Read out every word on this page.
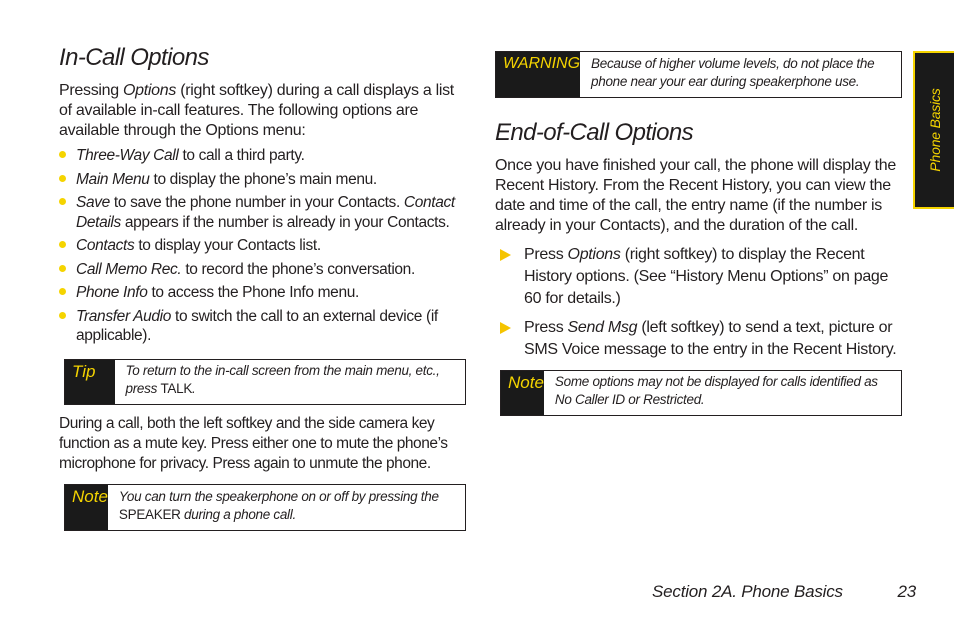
In-Call Options

Pressing Options (right softkey) during a call displays a list of available in-call features. The following options are available through the Options menu:

Three-Way Call to call a third party.
Main Menu to display the phone’s main menu.
Save to save the phone number in your Contacts. Contact Details appears if the number is already in your Contacts.
Contacts to display your Contacts list.
Call Memo Rec. to record the phone’s conversation.
Phone Info to access the Phone Info menu.
Transfer Audio to switch the call to an external device (if applicable).
Tip	To return to the in-call screen from the main menu, etc., press TALK.

During a call, both the left softkey and the side camera key function as a mute key. Press either one to mute the phone’s microphone for privacy. Press again to unmute the phone.

Note You can turn the speakerphone on or off by pressing the SPEAKER during a phone call.
WARNING Because of higher volume levels, do not place the phone near your ear during speakerphone use.
End-of-Call Options

Once you have finished your call, the phone will display the Recent History. From the Recent History, you can view the date and time of the call, the entry name (if the number is already in your Contacts), and the duration of the call.

Press Options (right softkey) to display the Recent History options. (See “History Menu Options” on page 60 for details.)
Press Send Msg (left softkey) to send a text, picture or SMS Voice message to the entry in the Recent History.
Note Some options may not be displayed for calls identified as No Caller ID or Restricted.
Phone Basics
Section 2A. Phone Basics	23
